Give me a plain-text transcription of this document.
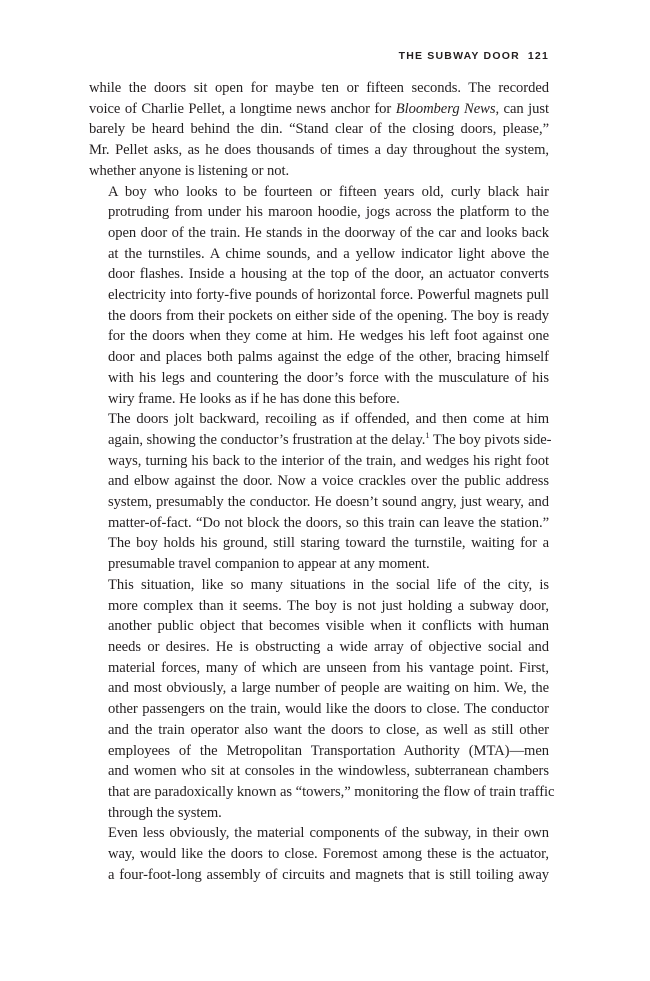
THE SUBWAY DOOR 121

while the doors sit open for maybe ten or fifteen seconds. The recorded
voice of Charlie Pellet, a longtime news anchor for Bloomberg News, can just
barely be heard behind the din. “Stand clear of the closing doors, please,”
Mr. Pellet asks, as he does thousands of times a day throughout the system,
whether anyone is listening or not.

A boy who looks to be fourteen or fifteen years old, curly black hair
protruding from under his maroon hoodie, jogs across the platform to the
open door of the train. He stands in the doorway of the car and looks back
at the turnstiles. A chime sounds, and a yellow indicator light above the
door flashes. Inside a housing at the top of the door, an actuator converts
electricity into forty-five pounds of horizontal force. Powerful magnets pull
the doors from their pockets on either side of the opening. The boy is ready
for the doors when they come at him. He wedges his left foot against one
door and places both palms against the edge of the other, bracing himself
with his legs and countering the door’s force with the musculature of his
wiry frame. He looks as if he has done this before.

The doors jolt backward, recoiling as if offended, and then come at him
again, showing the conductor’s frustration at the delay.$^1$ The boy pivots side-
ways, turning his back to the interior of the train, and wedges his right foot
and elbow against the door. Now a voice crackles over the public address
system, presumably the conductor. He doesn’t sound angry, just weary, and
matter-of-fact. “Do not block the doors, so this train can leave the station.”
The boy holds his ground, still staring toward the turnstile, waiting for a
presumable travel companion to appear at any moment.

This situation, like so many situations in the social life of the city, is
more complex than it seems. The boy is not just holding a subway door,
another public object that becomes visible when it conflicts with human
needs or desires. He is obstructing a wide array of objective social and
material forces, many of which are unseen from his vantage point. First,
and most obviously, a large number of people are waiting on him. We, the
other passengers on the train, would like the doors to close. The conductor
and the train operator also want the doors to close, as well as still other
employees of the Metropolitan Transportation Authority (MTA)—men
and women who sit at consoles in the windowless, subterranean chambers
that are paradoxically known as “towers,” monitoring the flow of train traffic
through the system.

Even less obviously, the material components of the subway, in their own
way, would like the doors to close. Foremost among these is the actuator,
a four-foot-long assembly of circuits and magnets that is still toiling away
